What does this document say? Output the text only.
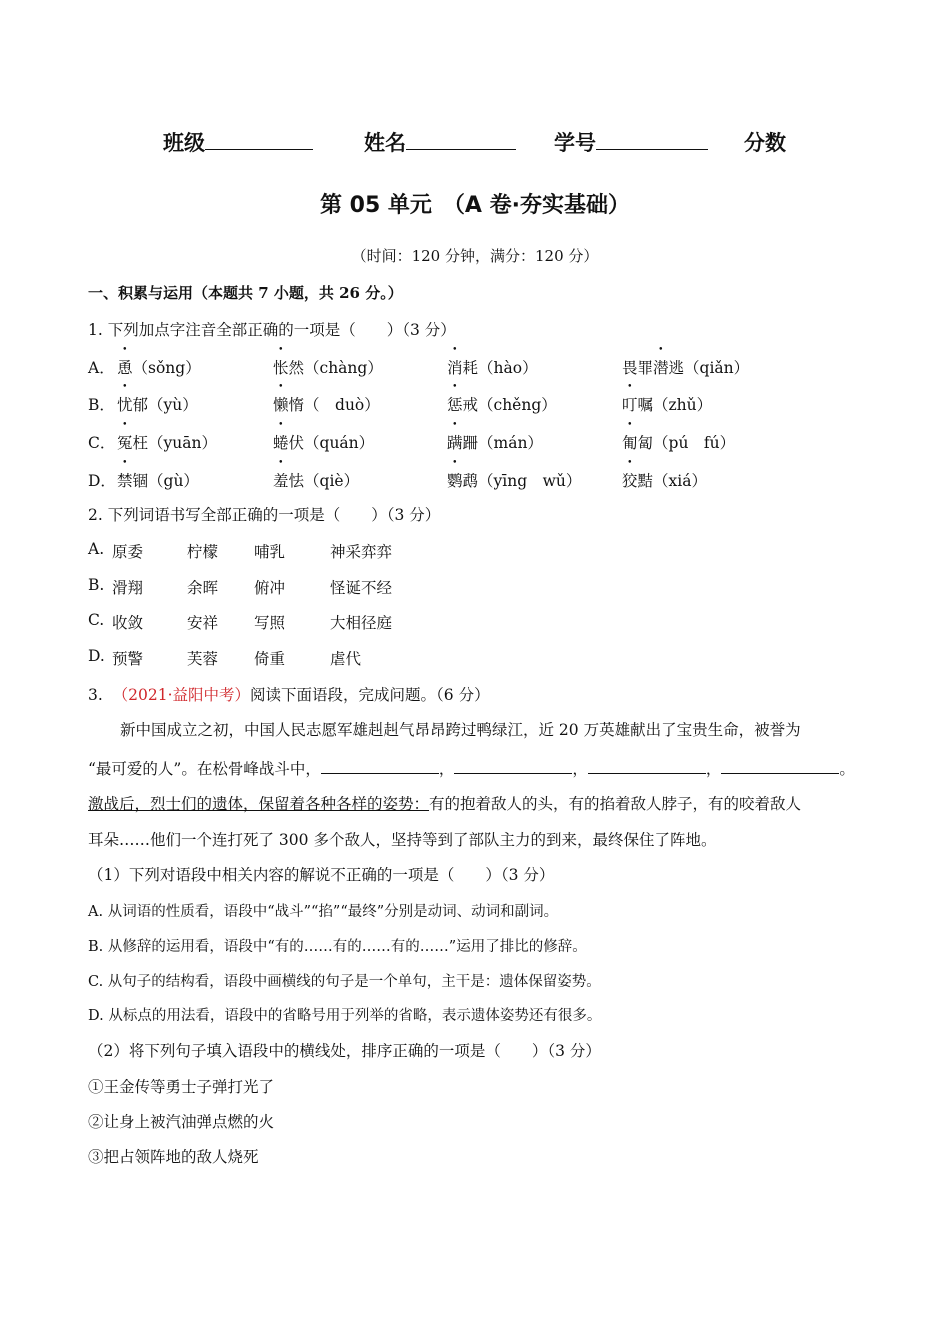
班级	姓名	学号	分数
第 05 单元　（A 卷·夯实基础）
（时间：120 分钟，满分：120 分）
一、积累与运用（本题共 7 小题，共 26 分。）
1. 下列加点字注音全部正确的一项是（　　）（3 分）
A． 恿（sǒng）	怅然（chàng）	消耗（hào）	畏罪潜逃（qiǎn）
B． 忧郁（yù）	懒惰（　duò）	惩戒（chěng）	叮嘱（zhǔ）
C． 冤枉（yuān）	蜷伏（quán）	蹒跚（mán）	匍匐（pú　fú）
D． 禁锢（gù）	羞怯（qiè）	鹦鹉（yīng　wǔ）	狡黠（xiá）
2. 下列词语书写全部正确的一项是（　　）（3 分）
A. 原委	柠檬 哺乳	神采弈弈
B. 滑翔	余晖 俯冲	怪诞不经
C. 收敛	安祥 写照	大相径庭
D. 预警	芙蓉 倚重	虐代
3. （2021·益阳中考）阅读下面语段，完成问题。（6 分）
新中国成立之初，中国人民志愿军雄赳赳气昂昂跨过鸭绿江，近 20 万英雄献出了宝贵生命，被誉为
“最可爱的人”。在松骨峰战斗中，	，	，	，	。
激战后，烈士们的遗体，保留着各种各样的姿势：有的抱着敌人的头，有的掐着敌人脖子，有的咬着敌人
耳朵……他们一个连打死了 300 多个敌人，坚持等到了部队主力的到来，最终保住了阵地。
（1）下列对语段中相关内容的解说不正确的一项是（　　）（3 分）
A. 从词语的性质看，语段中“战斗”“掐”“最终”分别是动词、动词和副词。
B. 从修辞的运用看，语段中“有的……有的……有的……”运用了排比的修辞。
C. 从句子的结构看，语段中画横线的句子是一个单句，主干是：遗体保留姿势。
D. 从标点的用法看，语段中的省略号用于列举的省略，表示遗体姿势还有很多。
（2）将下列句子填入语段中的横线处，排序正确的一项是（　　）（3 分）
①王金传等勇士子弹打光了
②让身上被汽油弹点燃的火
③把占领阵地的敌人烧死
